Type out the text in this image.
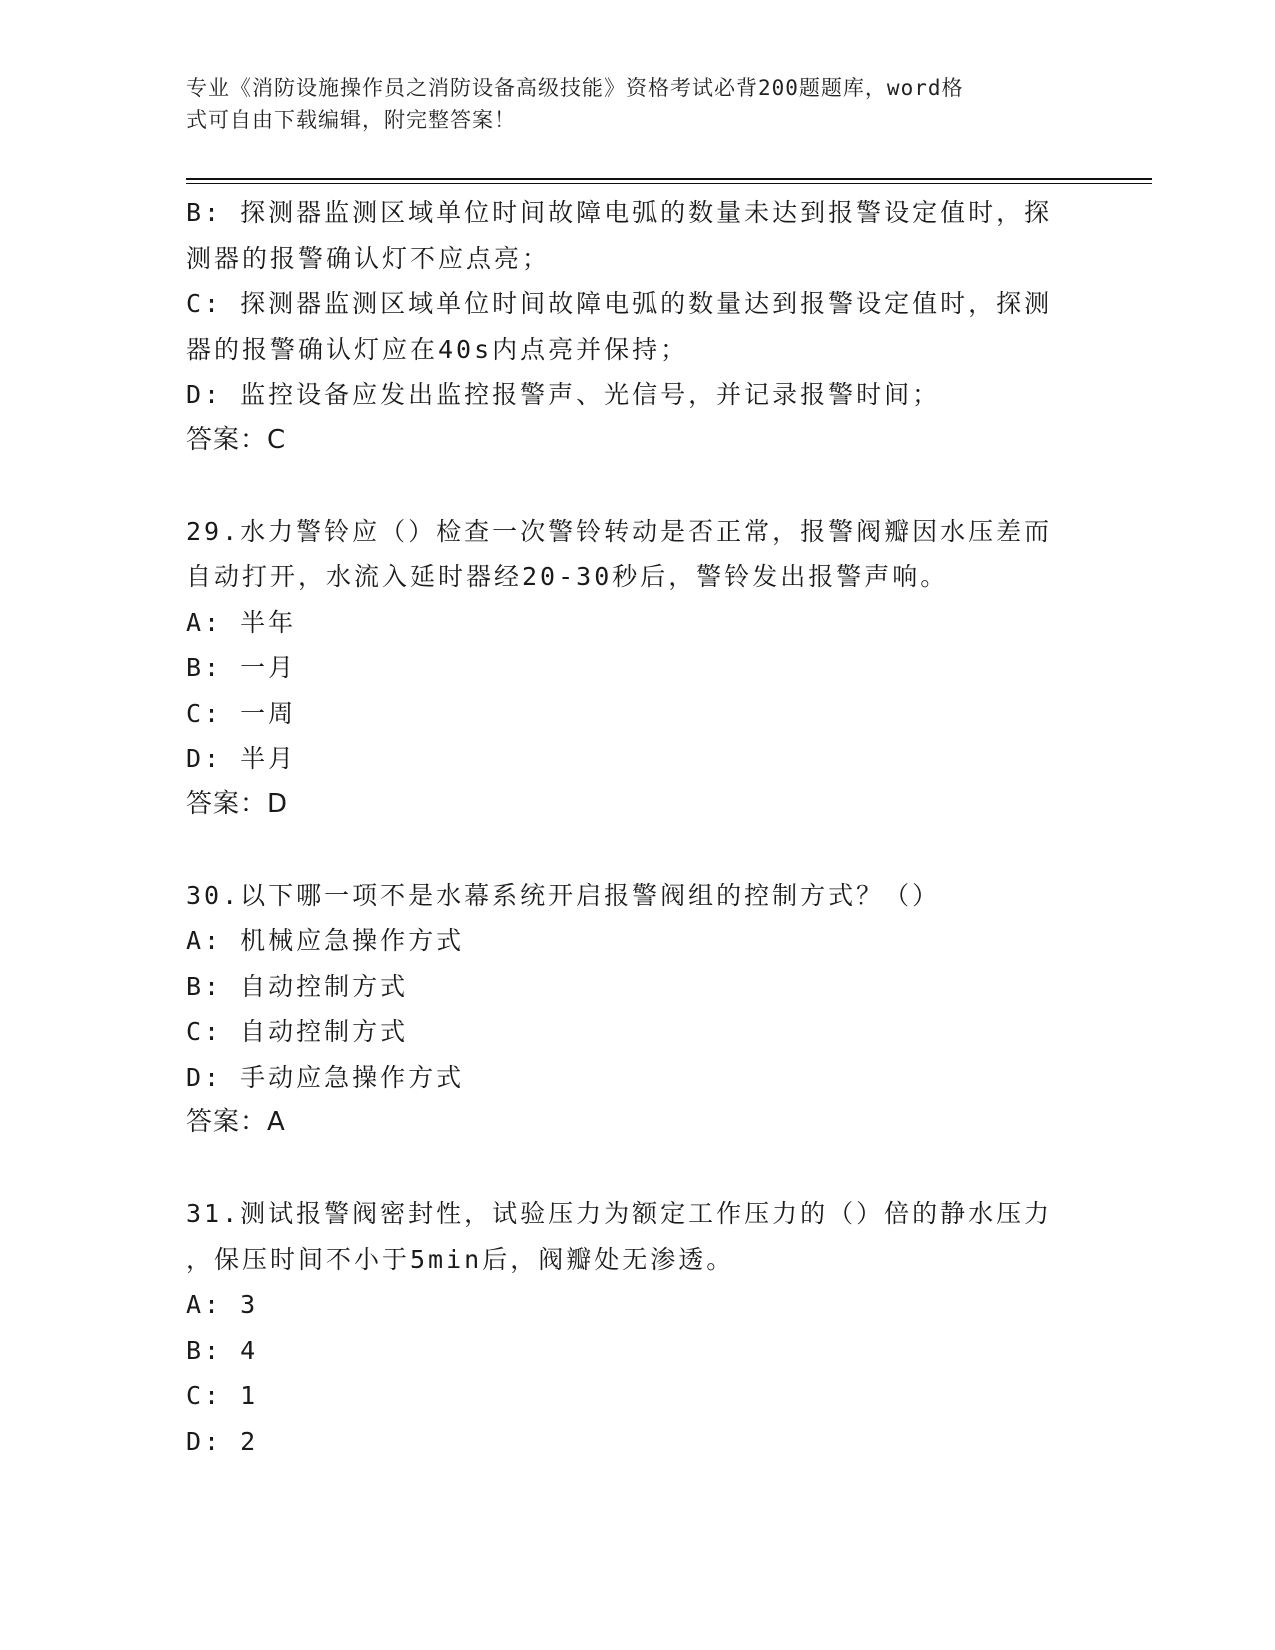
专业《消防设施操作员之消防设备高级技能》资格考试必背200题题库，word格
式可自由下载编辑，附完整答案！
B: 探测器监测区域单位时间故障电弧的数量未达到报警设定值时，探
测器的报警确认灯不应点亮；
C: 探测器监测区域单位时间故障电弧的数量达到报警设定值时，探测
器的报警确认灯应在40s内点亮并保持；
D: 监控设备应发出监控报警声、光信号，并记录报警时间；
答案：C
29.水力警铃应（）检查一次警铃转动是否正常，报警阀瓣因水压差而
自动打开，水流入延时器经20-30秒后，警铃发出报警声响。
A: 半年
B: 一月
C: 一周
D: 半月
答案：D
30.以下哪一项不是水幕系统开启报警阀组的控制方式？（）
A: 机械应急操作方式
B: 自动控制方式
C: 自动控制方式
D: 手动应急操作方式
答案：A
31.测试报警阀密封性，试验压力为额定工作压力的（）倍的静水压力
，保压时间不小于5min后，阀瓣处无渗透。
A: 3
B: 4
C: 1
D: 2
